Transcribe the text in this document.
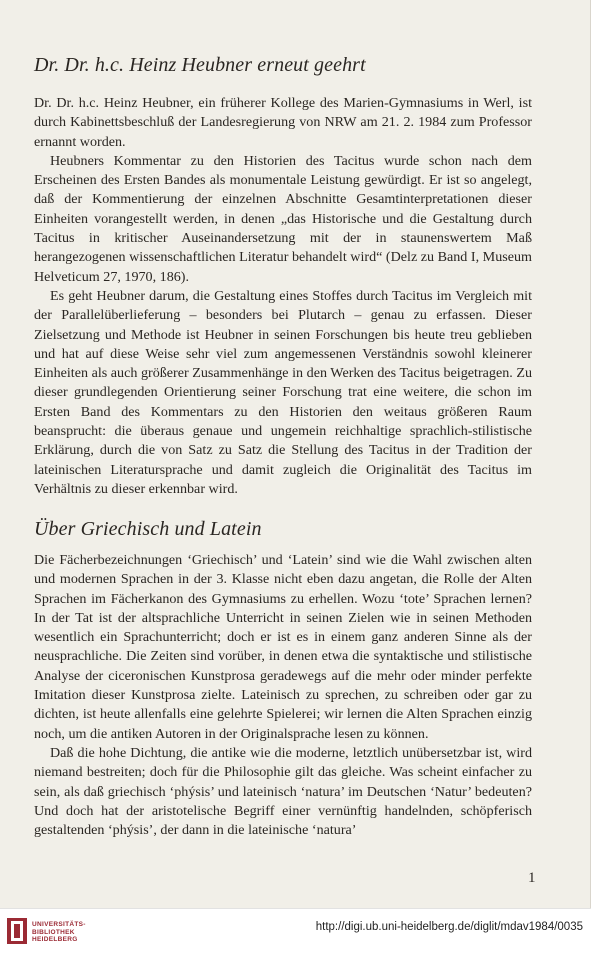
Dr. Dr. h.c. Heinz Heubner erneut geehrt

Dr. Dr. h.c. Heinz Heubner, ein früherer Kollege des Marien-Gymnasiums in Werl, ist durch Kabinettsbeschluß der Landesregierung von NRW am 21. 2. 1984 zum Professor ernannt worden.

Heubners Kommentar zu den Historien des Tacitus wurde schon nach dem Erscheinen des Ersten Bandes als monumentale Leistung gewürdigt. Er ist so angelegt, daß der Kommentierung der einzelnen Abschnitte Gesamtinterpretationen dieser Einheiten vorangestellt werden, in denen „das Historische und die Gestaltung durch Tacitus in kritischer Auseinandersetzung mit der in staunenswertem Maß herangezogenen wissenschaftlichen Literatur behandelt wird“ (Delz zu Band I, Museum Helveticum 27, 1970, 186).

Es geht Heubner darum, die Gestaltung eines Stoffes durch Tacitus im Vergleich mit der Parallelüberlieferung – besonders bei Plutarch – genau zu erfassen. Dieser Zielsetzung und Methode ist Heubner in seinen Forschungen bis heute treu geblieben und hat auf diese Weise sehr viel zum angemessenen Verständnis sowohl kleinerer Einheiten als auch größerer Zusammenhänge in den Werken des Tacitus beigetragen. Zu dieser grundlegenden Orientierung seiner Forschung trat eine weitere, die schon im Ersten Band des Kommentars zu den Historien den weitaus größeren Raum beansprucht: die überaus genaue und ungemein reichhaltige sprachlich-stilistische Erklärung, durch die von Satz zu Satz die Stellung des Tacitus in der Tradition der lateinischen Literatursprache und damit zugleich die Originalität des Tacitus im Verhältnis zu dieser erkennbar wird.

Über Griechisch und Latein

Die Fächerbezeichnungen ‘Griechisch’ und ‘Latein’ sind wie die Wahl zwischen alten und modernen Sprachen in der 3. Klasse nicht eben dazu angetan, die Rolle der Alten Sprachen im Fächerkanon des Gymnasiums zu erhellen. Wozu ‘tote’ Sprachen lernen? In der Tat ist der altsprachliche Unterricht in seinen Zielen wie in seinen Methoden wesentlich ein Sprachunterricht; doch er ist es in einem ganz anderen Sinne als der neusprachliche. Die Zeiten sind vorüber, in denen etwa die syntaktische und stilistische Analyse der ciceronischen Kunstprosa geradewegs auf die mehr oder minder perfekte Imitation dieser Kunstprosa zielte. Lateinisch zu sprechen, zu schreiben oder gar zu dichten, ist heute allenfalls eine gelehrte Spielerei; wir lernen die Alten Sprachen einzig noch, um die antiken Autoren in der Originalsprache lesen zu können.

Daß die hohe Dichtung, die antike wie die moderne, letztlich unübersetzbar ist, wird niemand bestreiten; doch für die Philosophie gilt das gleiche. Was scheint einfacher zu sein, als daß griechisch ‘phýsis’ und lateinisch ‘natura’ im Deutschen ‘Natur’ bedeuten? Und doch hat der aristotelische Begriff einer vernünftig handelnden, schöpferisch gestaltenden ‘phýsis’, der dann in die lateinische ‘natura’

1
UNIVERSITÄTS-
BIBLIOTHEK
HEIDELBERG
http://digi.ub.uni-heidelberg.de/diglit/mdav1984/0035
